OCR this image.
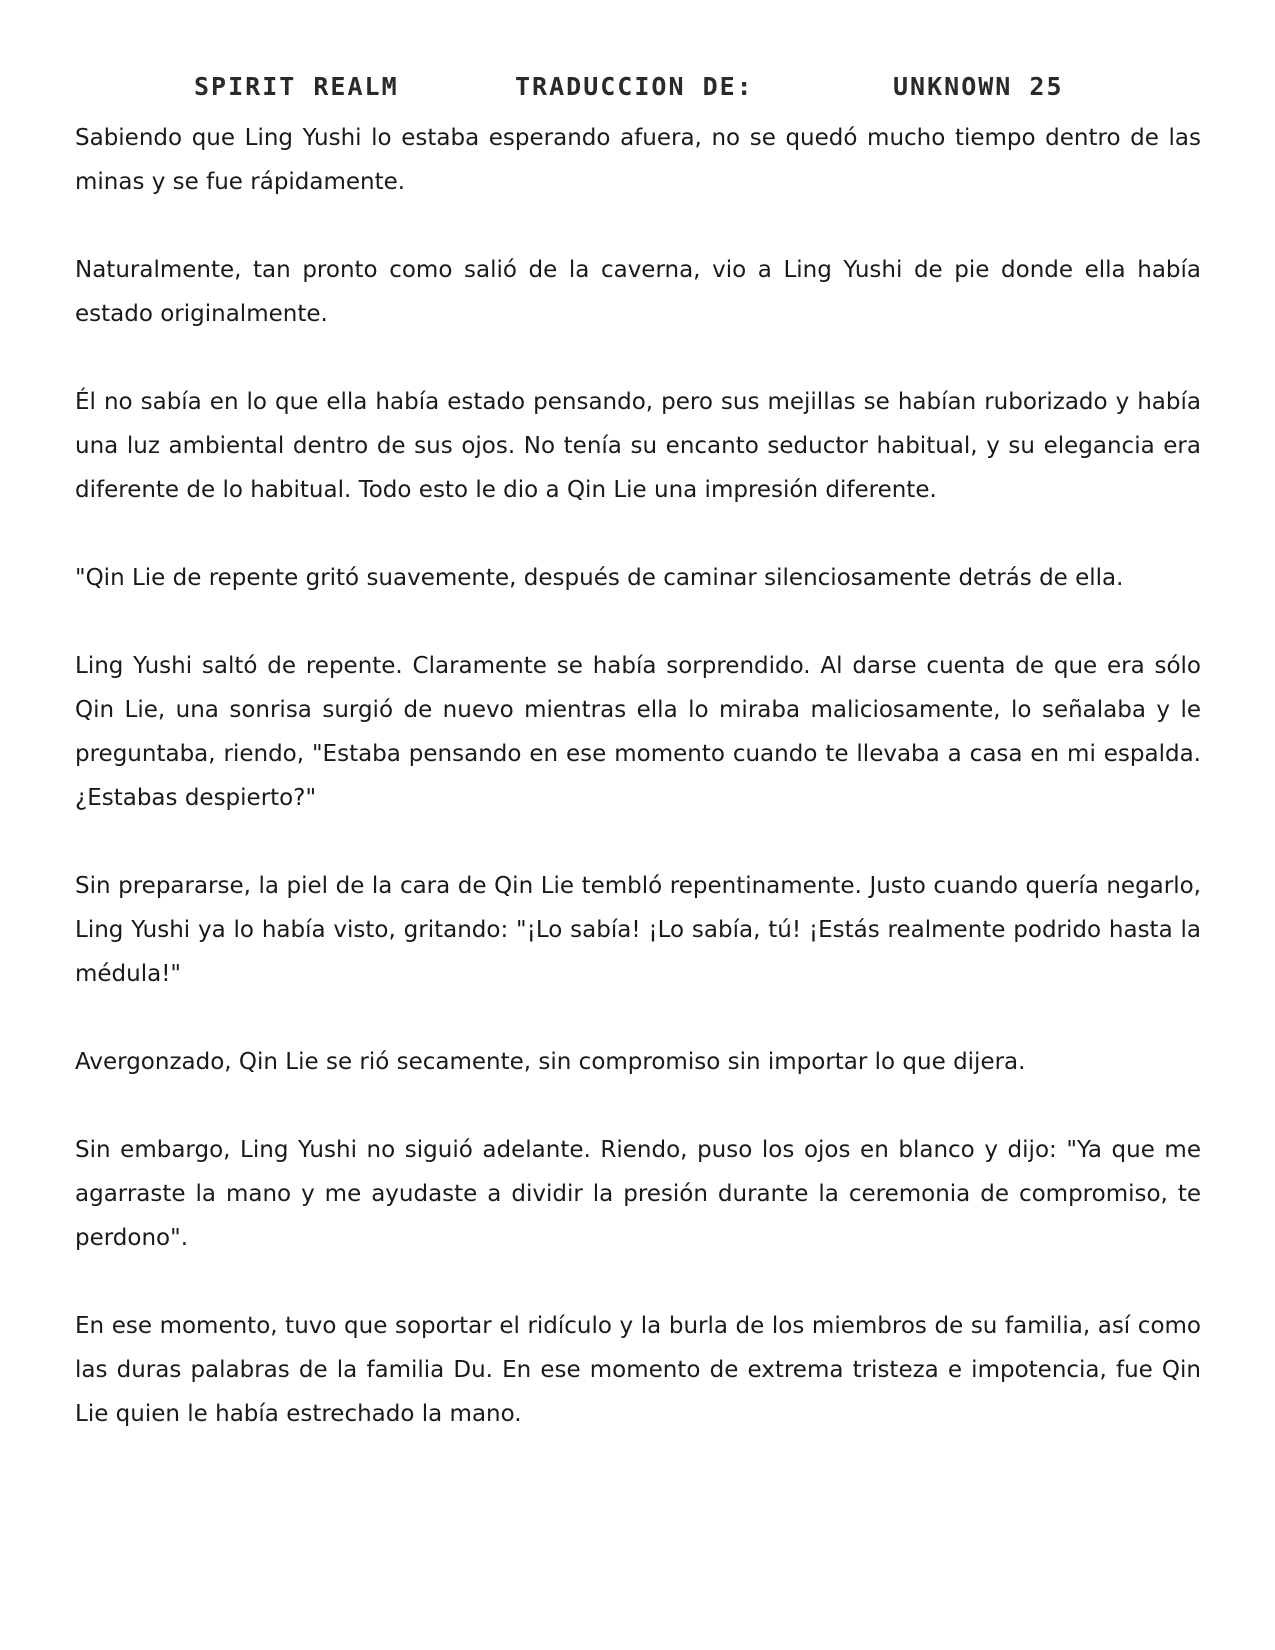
SPIRIT REALM	TRADUCCION DE:	UNKNOWN 25

Sabiendo que Ling Yushi lo estaba esperando afuera, no se quedó mucho tiempo dentro de las minas y se fue rápidamente.

Naturalmente, tan pronto como salió de la caverna, vio a Ling Yushi de pie donde ella había estado originalmente.

Él no sabía en lo que ella había estado pensando, pero sus mejillas se habían ruborizado y había una luz ambiental dentro de sus ojos. No tenía su encanto seductor habitual, y su elegancia era diferente de lo habitual. Todo esto le dio a Qin Lie una impresión diferente.

"Qin Lie de repente gritó suavemente, después de caminar silenciosamente detrás de ella.

Ling Yushi saltó de repente. Claramente se había sorprendido. Al darse cuenta de que era sólo Qin Lie, una sonrisa surgió de nuevo mientras ella lo miraba maliciosamente, lo señalaba y le preguntaba, riendo, "Estaba pensando en ese momento cuando te llevaba a casa en mi espalda. ¿Estabas despierto?"

Sin prepararse, la piel de la cara de Qin Lie tembló repentinamente. Justo cuando quería negarlo, Ling Yushi ya lo había visto, gritando: "¡Lo sabía! ¡Lo sabía, tú! ¡Estás realmente podrido hasta la médula!"

Avergonzado, Qin Lie se rió secamente, sin compromiso sin importar lo que dijera.

Sin embargo, Ling Yushi no siguió adelante. Riendo, puso los ojos en blanco y dijo: "Ya que me agarraste la mano y me ayudaste a dividir la presión durante la ceremonia de compromiso, te perdono".

En ese momento, tuvo que soportar el ridículo y la burla de los miembros de su familia, así como las duras palabras de la familia Du. En ese momento de extrema tristeza e impotencia, fue Qin Lie quien le había estrechado la mano.
